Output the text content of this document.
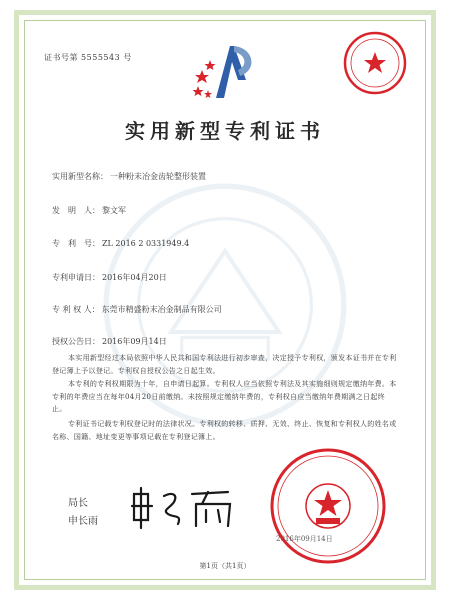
证书号第 5555543 号
实用新型专利证书
实用新型名称： 一种粉末冶金齿轮整形装置
发　明　人： 黎文军
专　利　号： ZL 2016 2 0331949.4
专利申请日： 2016年04月20日
专 利 权 人： 东莞市精盛粉末冶金制品有限公司
授权公告日： 2016年09月14日
本实用新型经过本局依照中华人民共和国专利法进行初步审查，决定授予专利权，颁发本证书并在专利登记簿上予以登记。专利权自授权公告之日起生效。
本专利的专利权期限为十年，自申请日起算。专利权人应当依照专利法及其实施细则规定缴纳年费。本专利的年费应当在每年04月20日前缴纳。未按照规定缴纳年费的，专利权自应当缴纳年费期满之日起终止。
专利证书记载专利权登记时的法律状况。专利权的转移、质押、无效、终止、恢复和专利权人的姓名或名称、国籍、地址变更等事项记载在专利登记簿上。
局长
申长雨
2016年09月14日
第1页（共1页）
